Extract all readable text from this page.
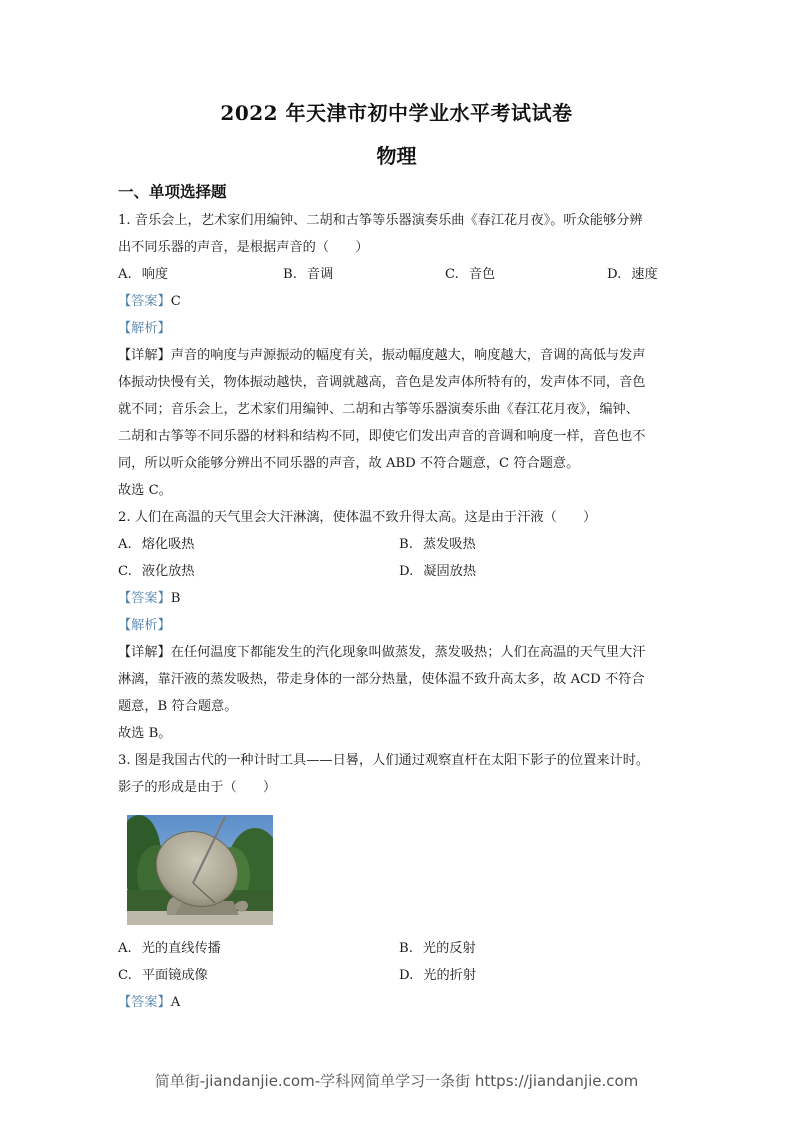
2022 年天津市初中学业水平考试试卷
物理
一、单项选择题
1. 音乐会上，艺术家们用编钟、二胡和古筝等乐器演奏乐曲《春江花月夜》。听众能够分辨
出不同乐器的声音，是根据声音的（　　）
A. 响度	B. 音调	C. 音色	D. 速度
【答案】C
【解析】
【详解】声音的响度与声源振动的幅度有关，振动幅度越大，响度越大，音调的高低与发声
体振动快慢有关，物体振动越快，音调就越高，音色是发声体所特有的，发声体不同，音色
就不同；音乐会上，艺术家们用编钟、二胡和古筝等乐器演奏乐曲《春江花月夜》，编钟、
二胡和古筝等不同乐器的材料和结构不同，即使它们发出声音的音调和响度一样，音色也不
同，所以听众能够分辨出不同乐器的声音，故 ABD 不符合题意，C 符合题意。
故选 C。
2. 人们在高温的天气里会大汗淋漓，使体温不致升得太高。这是由于汗液（　　）
A. 熔化吸热	B. 蒸发吸热
C. 液化放热	D. 凝固放热
【答案】B
【解析】
【详解】在任何温度下都能发生的汽化现象叫做蒸发，蒸发吸热；人们在高温的天气里大汗
淋漓，靠汗液的蒸发吸热，带走身体的一部分热量，使体温不致升高太多，故 ACD 不符合
题意，B 符合题意。
故选 B。
3. 图是我国古代的一种计时工具——日晷，人们通过观察直杆在太阳下影子的位置来计时。
影子的形成是由于（　　）
A. 光的直线传播	B. 光的反射
C. 平面镜成像	D. 光的折射
【答案】A
简单街-jiandanjie.com-学科网简单学习一条街 https://jiandanjie.com
